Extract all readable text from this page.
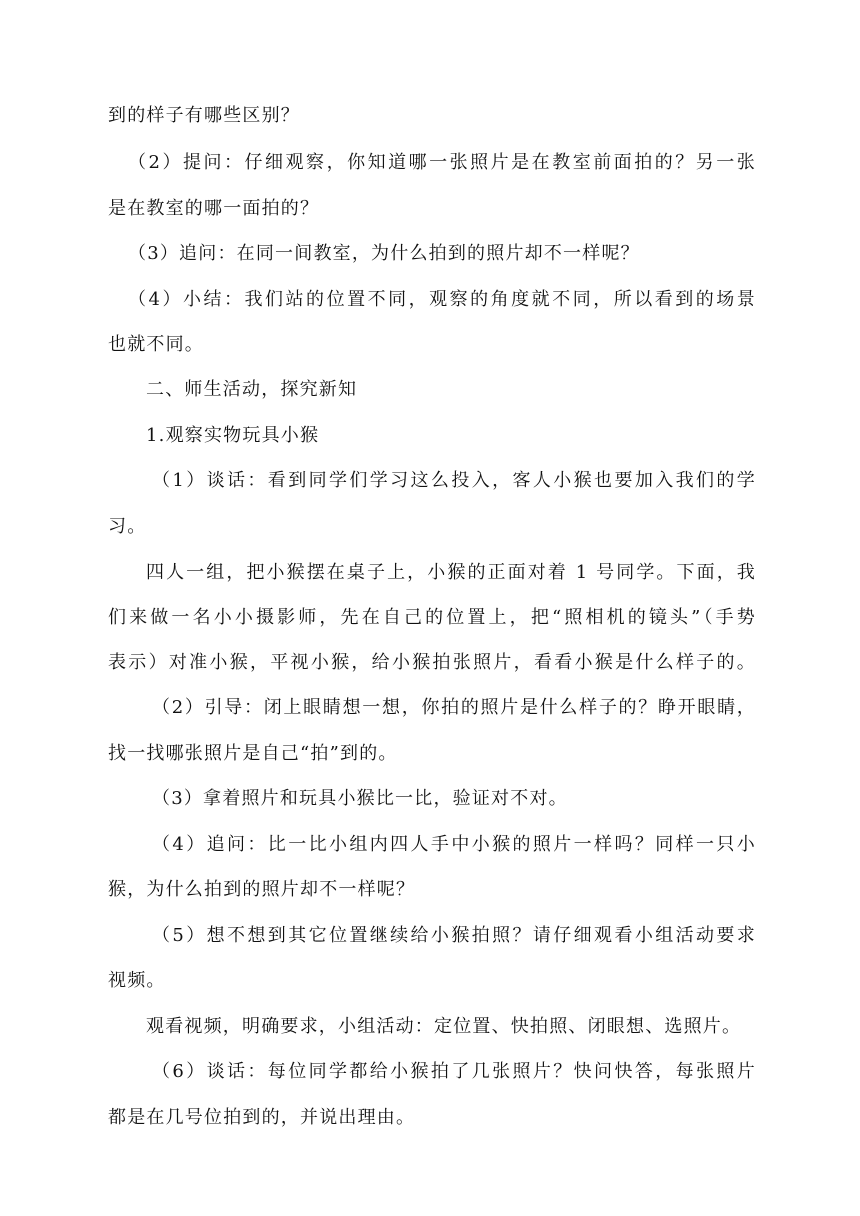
到的样子有哪些区别？
（2）提问：仔细观察，你知道哪一张照片是在教室前面拍的？另一张
是在教室的哪一面拍的？
（3）追问：在同一间教室，为什么拍到的照片却不一样呢？
（4）小结：我们站的位置不同，观察的角度就不同，所以看到的场景
也就不同。
二、师生活动，探究新知
1.观察实物玩具小猴
（1）谈话：看到同学们学习这么投入，客人小猴也要加入我们的学
习。
四人一组，把小猴摆在桌子上，小猴的正面对着 1 号同学。下面，我
们来做一名小小摄影师，先在自己的位置上，把“照相机的镜头”（手势
表示）对准小猴，平视小猴，给小猴拍张照片，看看小猴是什么样子的。
（2）引导：闭上眼睛想一想，你拍的照片是什么样子的？睁开眼睛，
找一找哪张照片是自己“拍”到的。
（3）拿着照片和玩具小猴比一比，验证对不对。
（4）追问：比一比小组内四人手中小猴的照片一样吗？同样一只小
猴，为什么拍到的照片却不一样呢？
（5）想不想到其它位置继续给小猴拍照？请仔细观看小组活动要求
视频。
观看视频，明确要求，小组活动：定位置、快拍照、闭眼想、选照片。
（6）谈话：每位同学都给小猴拍了几张照片？快问快答，每张照片
都是在几号位拍到的，并说出理由。
